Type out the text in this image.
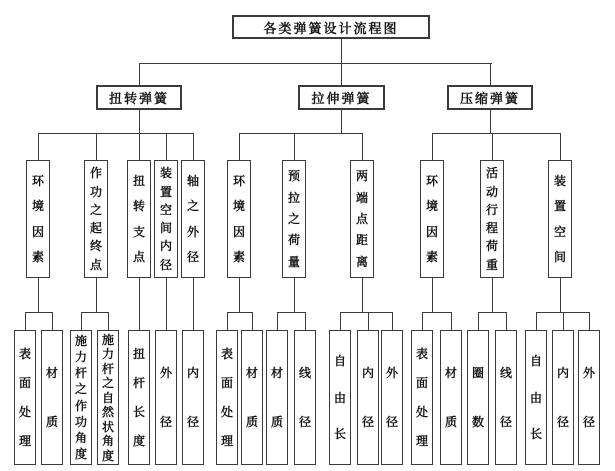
各类弹簧设计流程图
扭转弹簧	拉伸弹簧	压缩弹簧
环
境
因
素
作
功
之
起
终
点
扭
转
支
点
装
置
空
间
内
径
轴
之
外
径
环
境
因
素
预
拉
之
荷
量
两
端
点
距
离
环
境
因
素
活
动
行
程
荷
重
装
置
空
间
表
面
处
理
材
质
施
力
杆
之
作
功
角
度
施
力
杆
之
自
然
状
角
度
扭
杆
长
度
外
径
内
径
表
面
处
理
材
质
材
质
线
径
自
由
长
内
径
外
径
表
面
处
理
材
质
圈
数
线
径
自
由
长
内
径
外
径
